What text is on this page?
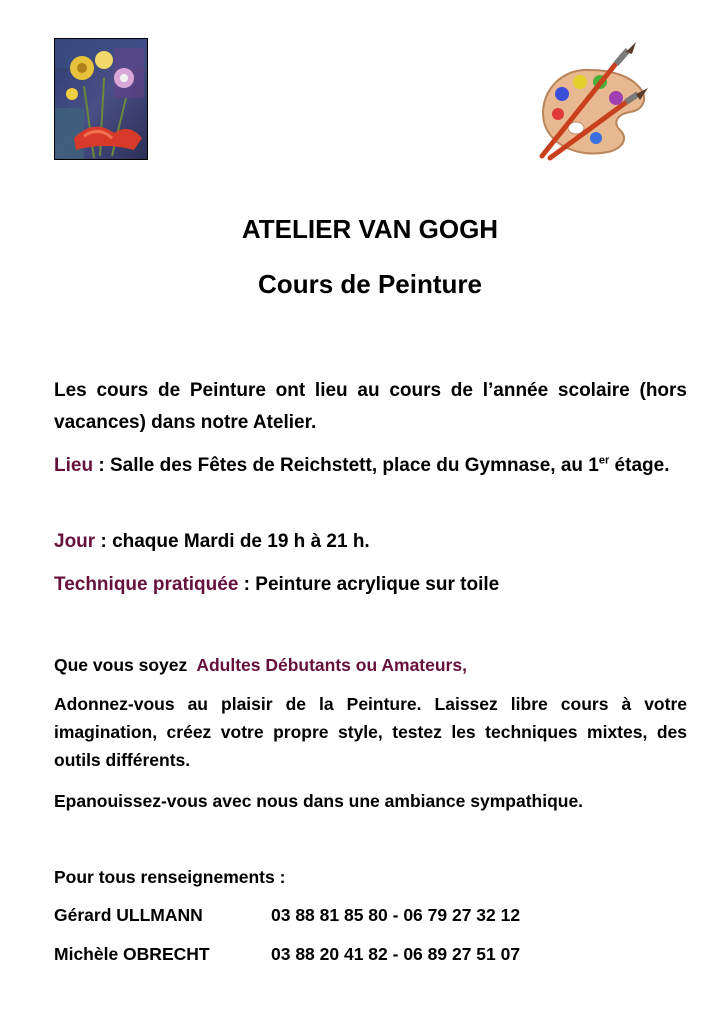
ATELIER VAN GOGH
Cours de Peinture

Les cours de Peinture ont lieu au cours de l’année scolaire (hors vacances) dans notre Atelier.

Lieu : Salle des Fêtes de Reichstett, place du Gymnase, au 1er étage.

Jour : chaque Mardi de 19 h à 21 h.

Technique pratiquée : Peinture acrylique sur toile

Que vous soyez  Adultes Débutants ou Amateurs,

Adonnez-vous au plaisir de la Peinture. Laissez libre cours à votre imagination, créez votre propre style, testez les techniques mixtes, des outils différents.

Epanouissez-vous avec nous dans une ambiance sympathique.

Pour tous renseignements :

Gérard ULLMANN	03 88 81 85 80 - 06 79 27 32 12

Michèle OBRECHT	03 88 20 41 82 - 06 89 27 51 07
